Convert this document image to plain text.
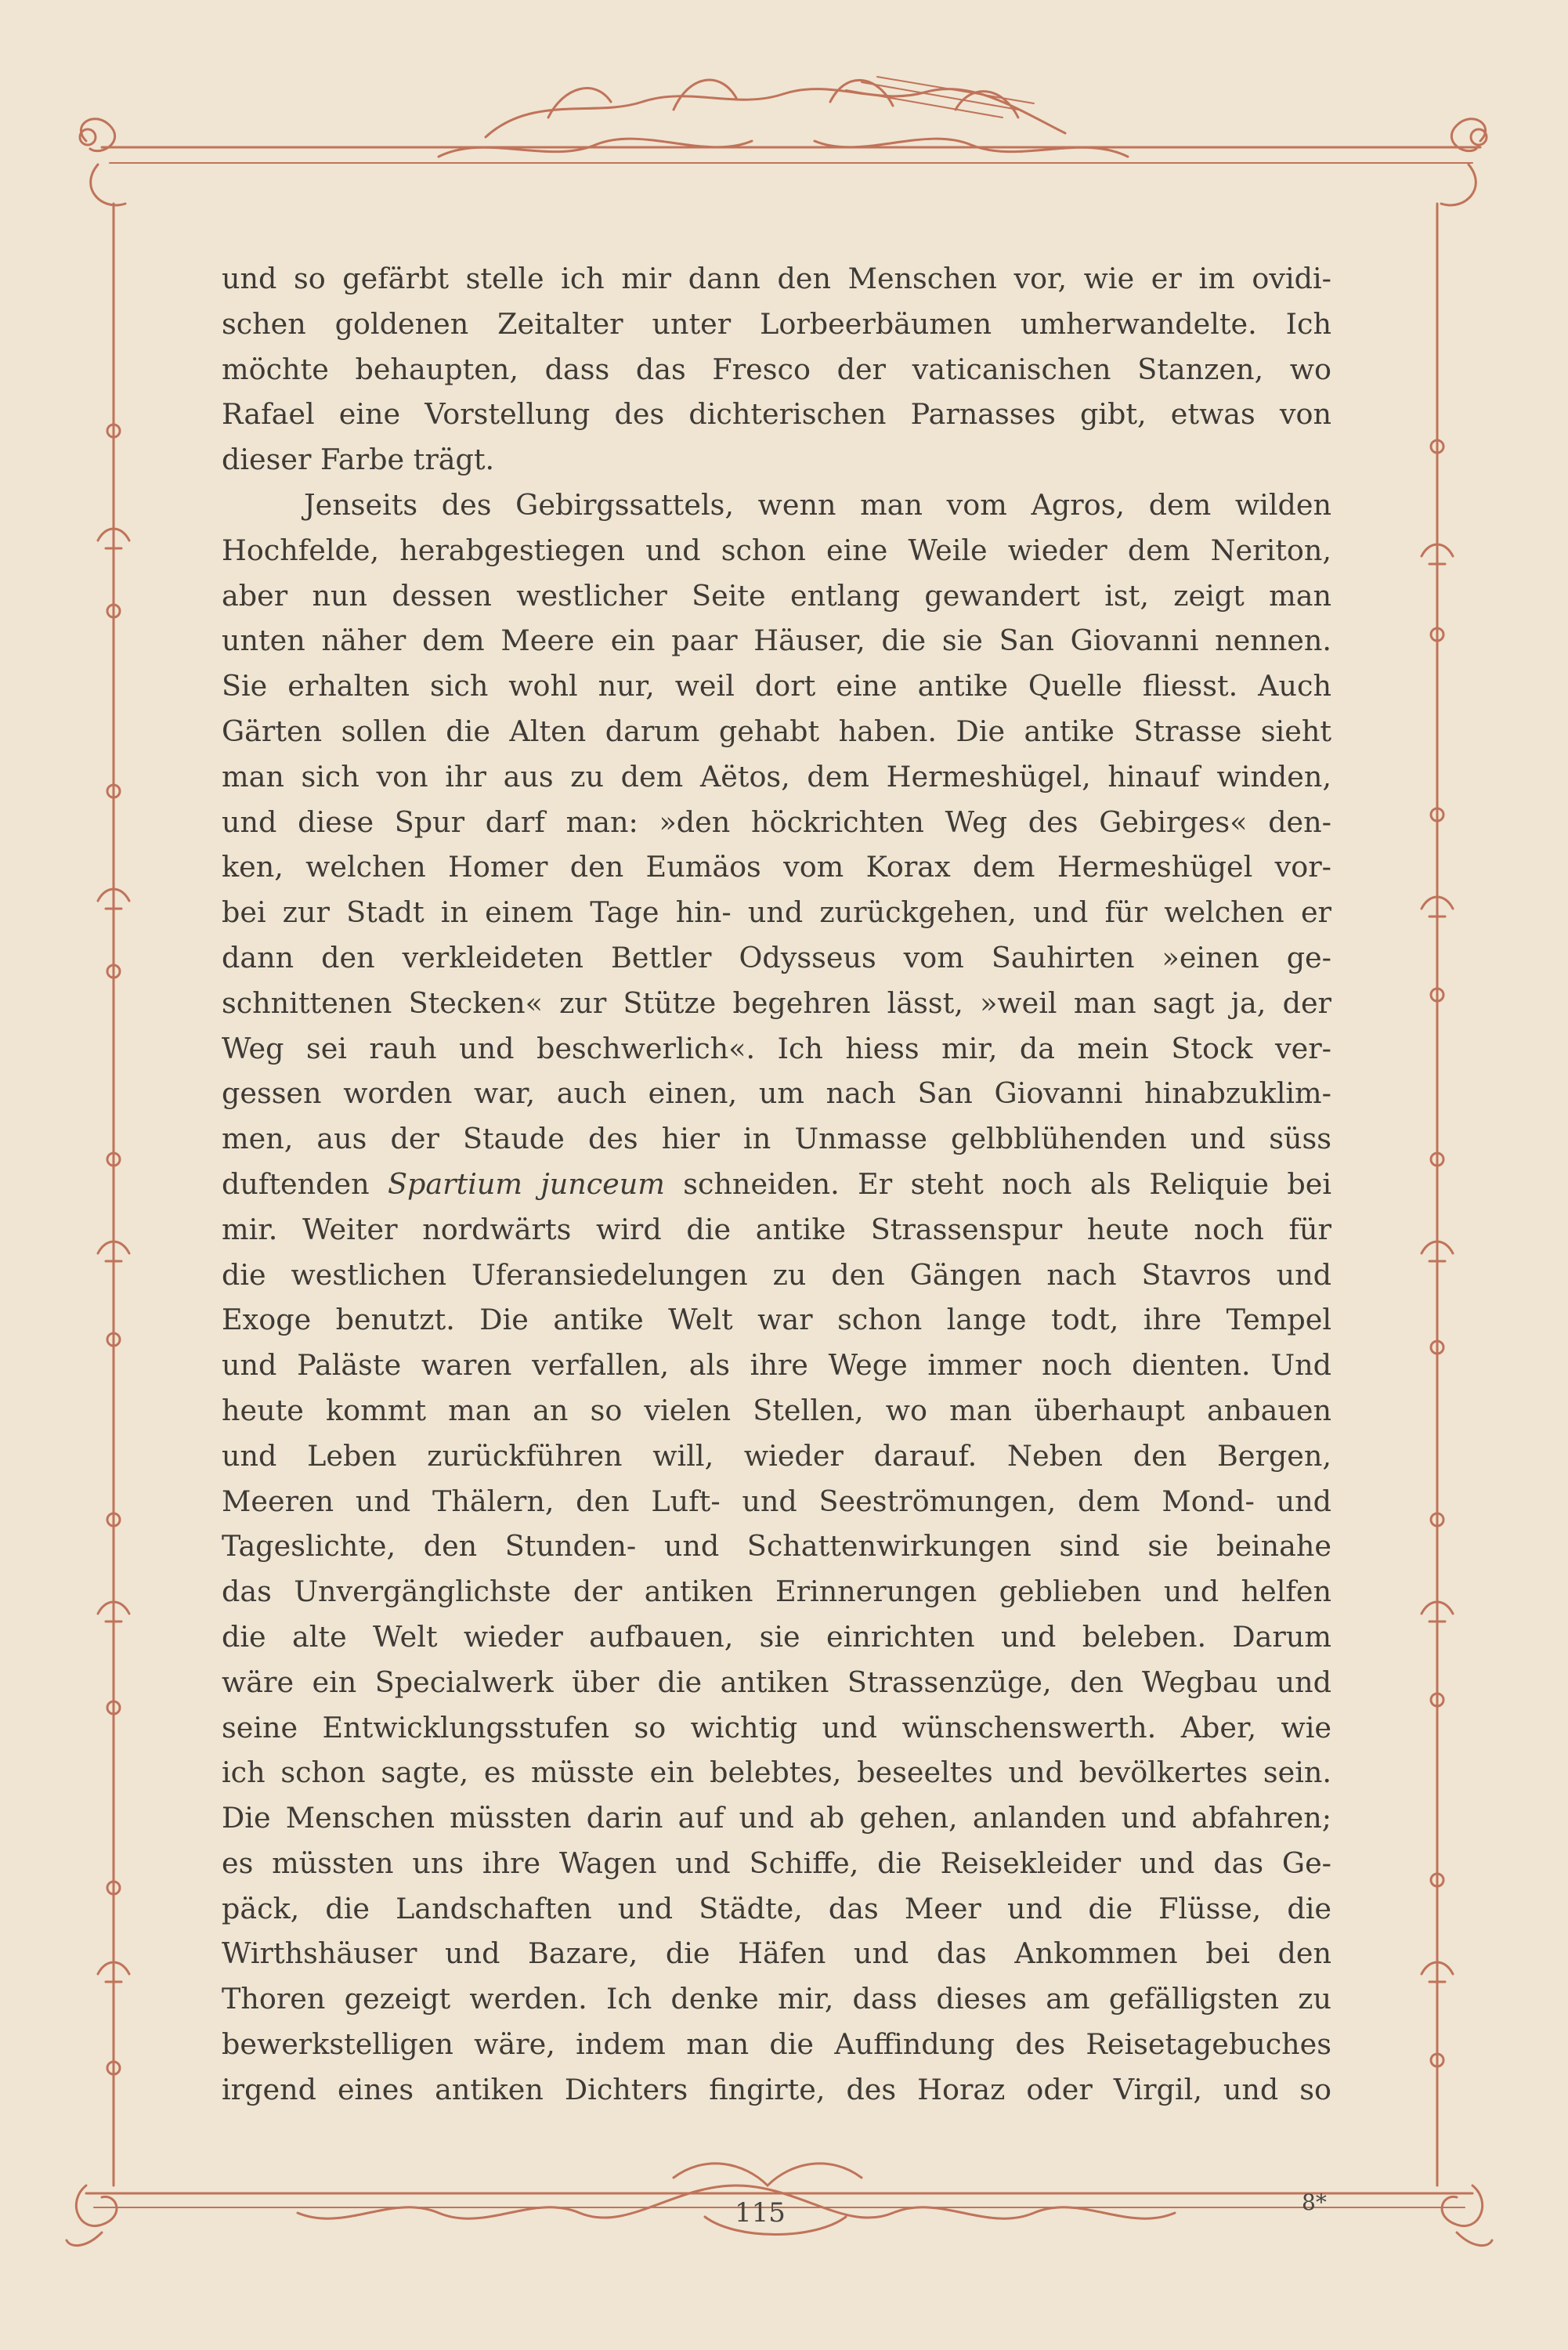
und so gefärbt stelle ich mir dann den Menschen vor, wie er im ovidi-
schen goldenen Zeitalter unter Lorbeerbäumen umherwandelte. Ich
möchte behaupten, dass das Fresco der vaticanischen Stanzen, wo
Rafael eine Vorstellung des dichterischen Parnasses gibt, etwas von
dieser Farbe trägt.
Jenseits des Gebirgssattels, wenn man vom Agros, dem wilden
Hochfelde, herabgestiegen und schon eine Weile wieder dem Neriton,
aber nun dessen westlicher Seite entlang gewandert ist, zeigt man
unten näher dem Meere ein paar Häuser, die sie San Giovanni nennen.
Sie erhalten sich wohl nur, weil dort eine antike Quelle fliesst. Auch
Gärten sollen die Alten darum gehabt haben. Die antike Strasse sieht
man sich von ihr aus zu dem Aëtos, dem Hermeshügel, hinauf winden,
und diese Spur darf man: »den höckrichten Weg des Gebirges« den-
ken, welchen Homer den Eumäos vom Korax dem Hermeshügel vor-
bei zur Stadt in einem Tage hin- und zurückgehen, und für welchen er
dann den verkleideten Bettler Odysseus vom Sauhirten »einen ge-
schnittenen Stecken« zur Stütze begehren lässt, »weil man sagt ja, der
Weg sei rauh und beschwerlich«. Ich hiess mir, da mein Stock ver-
gessen worden war, auch einen, um nach San Giovanni hinabzuklim-
men, aus der Staude des hier in Unmasse gelbblühenden und süss
duftenden Spartium junceum schneiden. Er steht noch als Reliquie bei
mir. Weiter nordwärts wird die antike Strassenspur heute noch für
die westlichen Uferansiedelungen zu den Gängen nach Stavros und
Exoge benutzt. Die antike Welt war schon lange todt, ihre Tempel
und Paläste waren verfallen, als ihre Wege immer noch dienten. Und
heute kommt man an so vielen Stellen, wo man überhaupt anbauen
und Leben zurückführen will, wieder darauf. Neben den Bergen,
Meeren und Thälern, den Luft- und Seeströmungen, dem Mond- und
Tageslichte, den Stunden- und Schattenwirkungen sind sie beinahe
das Unvergänglichste der antiken Erinnerungen geblieben und helfen
die alte Welt wieder aufbauen, sie einrichten und beleben. Darum
wäre ein Specialwerk über die antiken Strassenzüge, den Wegbau und
seine Entwicklungsstufen so wichtig und wünschenswerth. Aber, wie
ich schon sagte, es müsste ein belebtes, beseeltes und bevölkertes sein.
Die Menschen müssten darin auf und ab gehen, anlanden und abfahren;
es müssten uns ihre Wagen und Schiffe, die Reisekleider und das Ge-
päck, die Landschaften und Städte, das Meer und die Flüsse, die
Wirthshäuser und Bazare, die Häfen und das Ankommen bei den
Thoren gezeigt werden. Ich denke mir, dass dieses am gefälligsten zu
bewerkstelligen wäre, indem man die Auffindung des Reisetagebuches
irgend eines antiken Dichters fingirte, des Horaz oder Virgil, und so
115	8*
